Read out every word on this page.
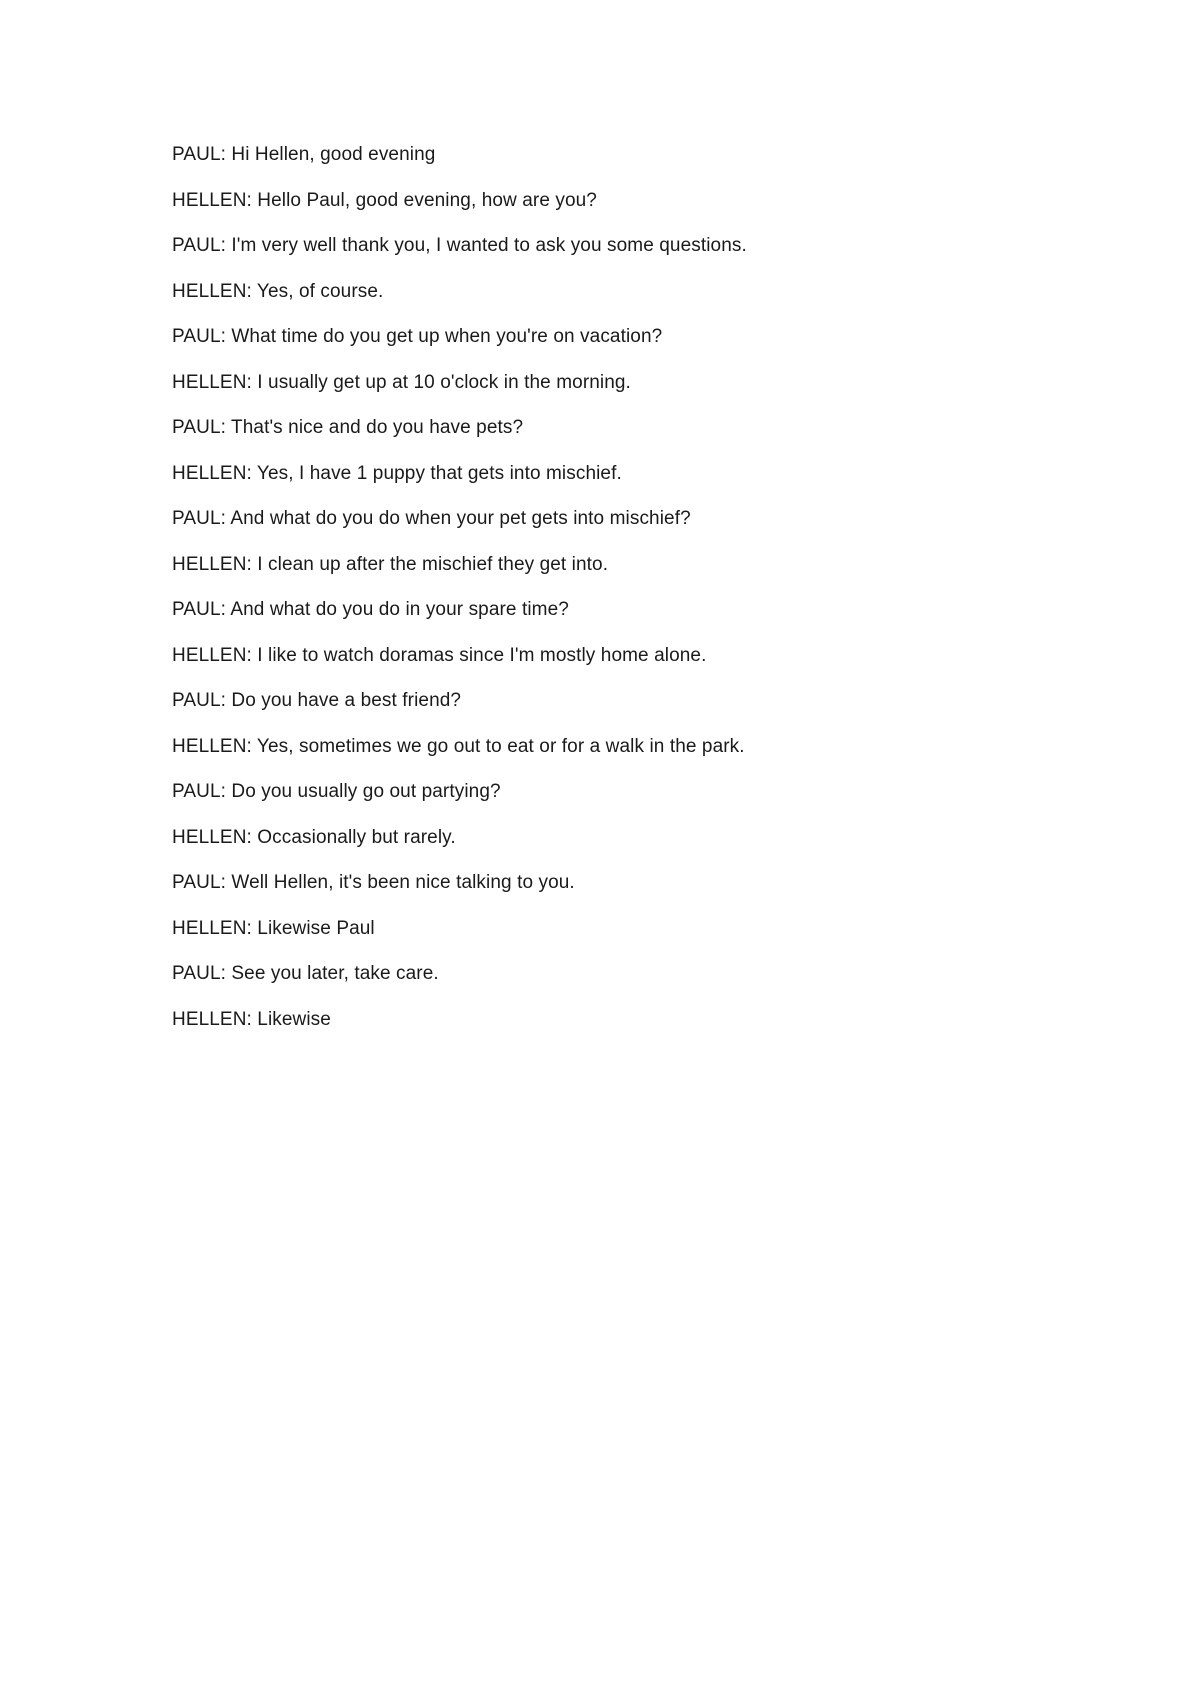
PAUL: Hi Hellen, good evening
HELLEN: Hello Paul, good evening, how are you?
PAUL: I'm very well thank you, I wanted to ask you some questions.
HELLEN: Yes, of course.
PAUL: What time do you get up when you're on vacation?
HELLEN: I usually get up at 10 o'clock in the morning.
PAUL: That's nice and do you have pets?
HELLEN: Yes, I have 1 puppy that gets into mischief.
PAUL: And what do you do when your pet gets into mischief?
HELLEN: I clean up after the mischief they get into.
PAUL: And what do you do in your spare time?
HELLEN: I like to watch doramas since I'm mostly home alone.
PAUL: Do you have a best friend?
HELLEN: Yes, sometimes we go out to eat or for a walk in the park.
PAUL: Do you usually go out partying?
HELLEN: Occasionally but rarely.
PAUL: Well Hellen, it's been nice talking to you.
HELLEN: Likewise Paul
PAUL: See you later, take care.
HELLEN: Likewise
